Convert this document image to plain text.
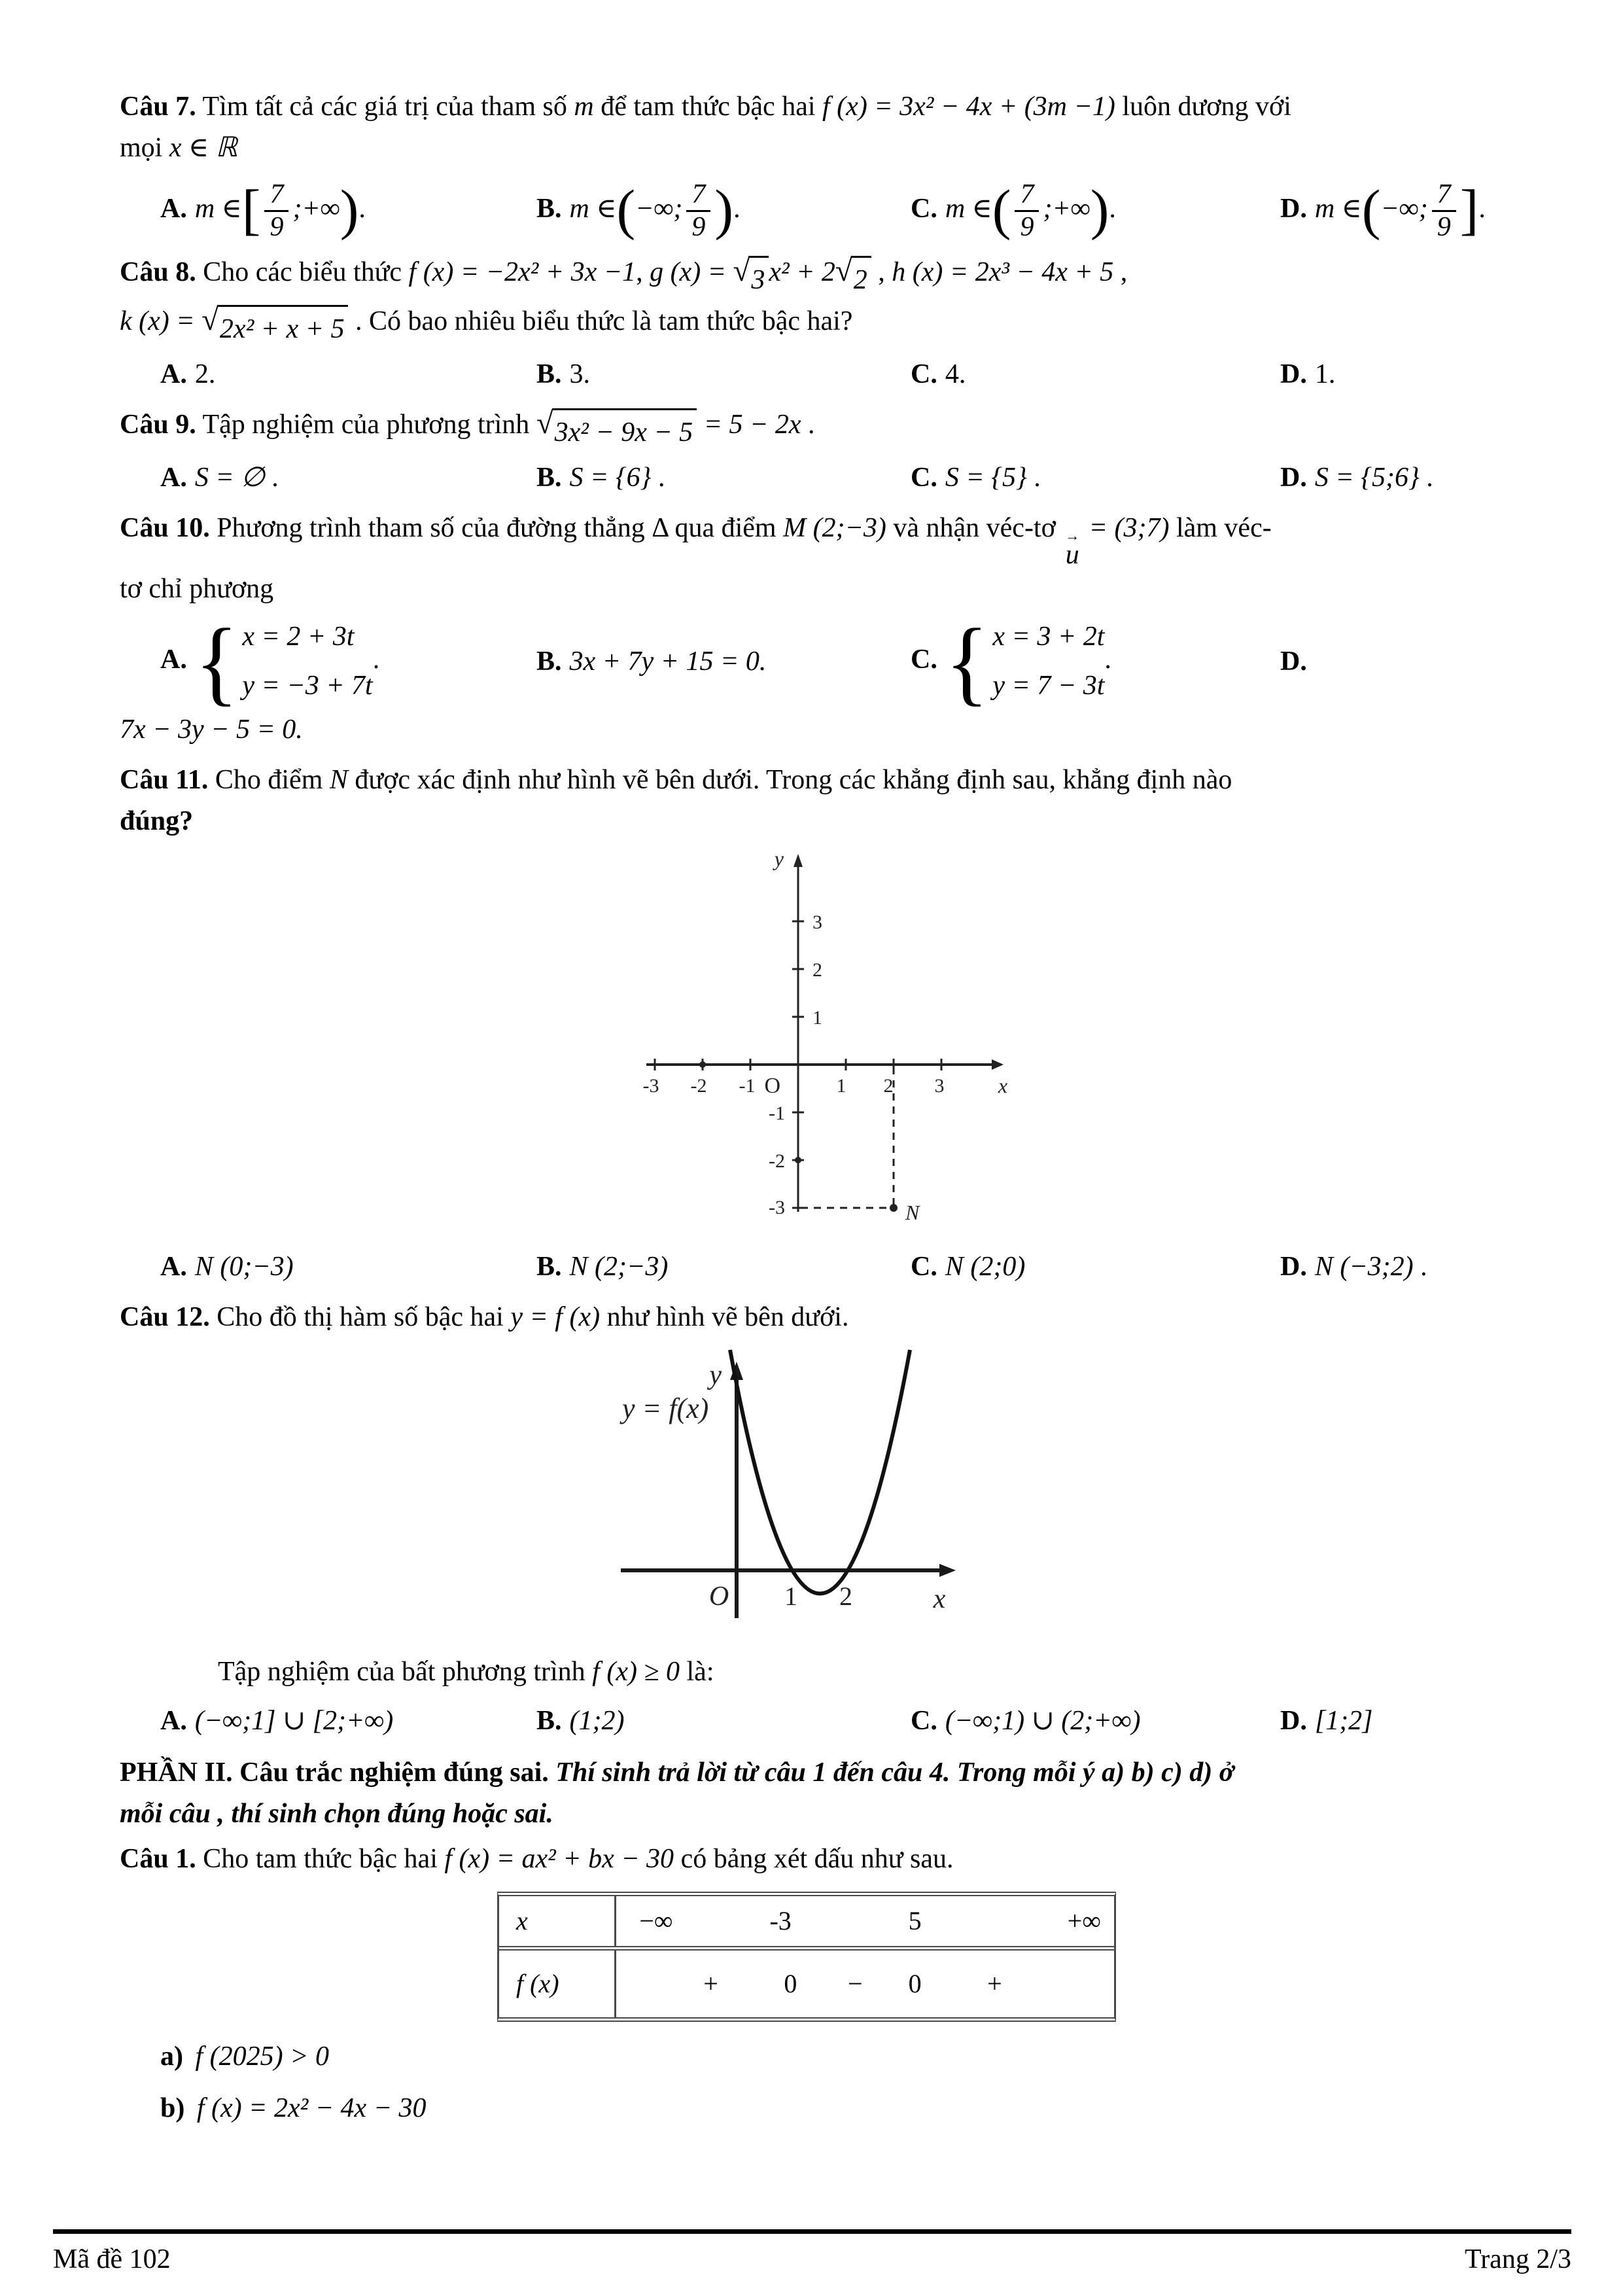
Câu 7. Tìm tất cả các giá trị của tham số m để tam thức bậc hai f (x) = 3x² − 4x + (3m −1) luôn dương với
mọi x ∈ ℝ

A. m ∈[ $\frac{7}{9}$ ;+∞).	B. m ∈(−∞; $\frac{7}{9}$ ).	C. m ∈( $\frac{7}{9}$ ;+∞).	D. m ∈(−∞; $\frac{7}{9}$ ].

Câu 8. Cho các biểu thức f (x) = −2x² + 3x −1, g (x) = √ 3 x² + 2 √ 2 , h (x) = 2x³ − 4x + 5 ,
k (x) = √ 2x² + x + 5 . Có bao nhiêu biểu thức là tam thức bậc hai?

A. 2.	B. 3.	C. 4.	D. 1.

Câu 9. Tập nghiệm của phương trình √ 3x² − 9x − 5 = 5 − 2x .

A. S = ∅ .	B. S = {6} .	C. S = {5} .	D. S = {5;6} .

Câu 10. Phương trình tham số của đường thẳng Δ qua điểm M (2;−3) và nhận véc-tơ →
u
= (3;7) làm véc-
tơ chỉ phương

A. { x = 2 + 3t
y = −3 + 7t
.	B. 3x + 7y + 15 = 0.	C. { x = 3 + 2t
y = 7 − 3t
.	D.

7x − 3y − 5 = 0.

Câu 11. Cho điểm N được xác định như hình vẽ bên dưới. Trong các khẳng định sau, khẳng định nào
đúng?

-3 -2 -1	1 2 3
3
2
1
-1
-2
-3
O	x
y
N
A. N (0;−3)	B. N (2;−3)	C. N (2;0)	D. N (−3;2) .

Câu 12. Cho đồ thị hàm số bậc hai y = f (x) như hình vẽ bên dưới.

y = f(x)
O 1 2	x
y

Tập nghiệm của bất phương trình f (x) ≥ 0 là:

A. (−∞;1] ∪ [2;+∞)	B. (1;2)	C. (−∞;1) ∪ (2;+∞)	D. [1;2]

PHẦN II. Câu trắc nghiệm đúng sai. Thí sinh trả lời từ câu 1 đến câu 4. Trong mỗi ý a) b) c) d) ở
mỗi câu , thí sinh chọn đúng hoặc sai.

Câu 1. Cho tam thức bậc hai f (x) = ax² + bx − 30 có bảng xét dấu như sau.

x	−∞	-3	5	+∞
f (x)	+	0 − 0	+

a) f (2025) > 0

b) f (x) = 2x² − 4x − 30

Mã đề 102	Trang 2/3
